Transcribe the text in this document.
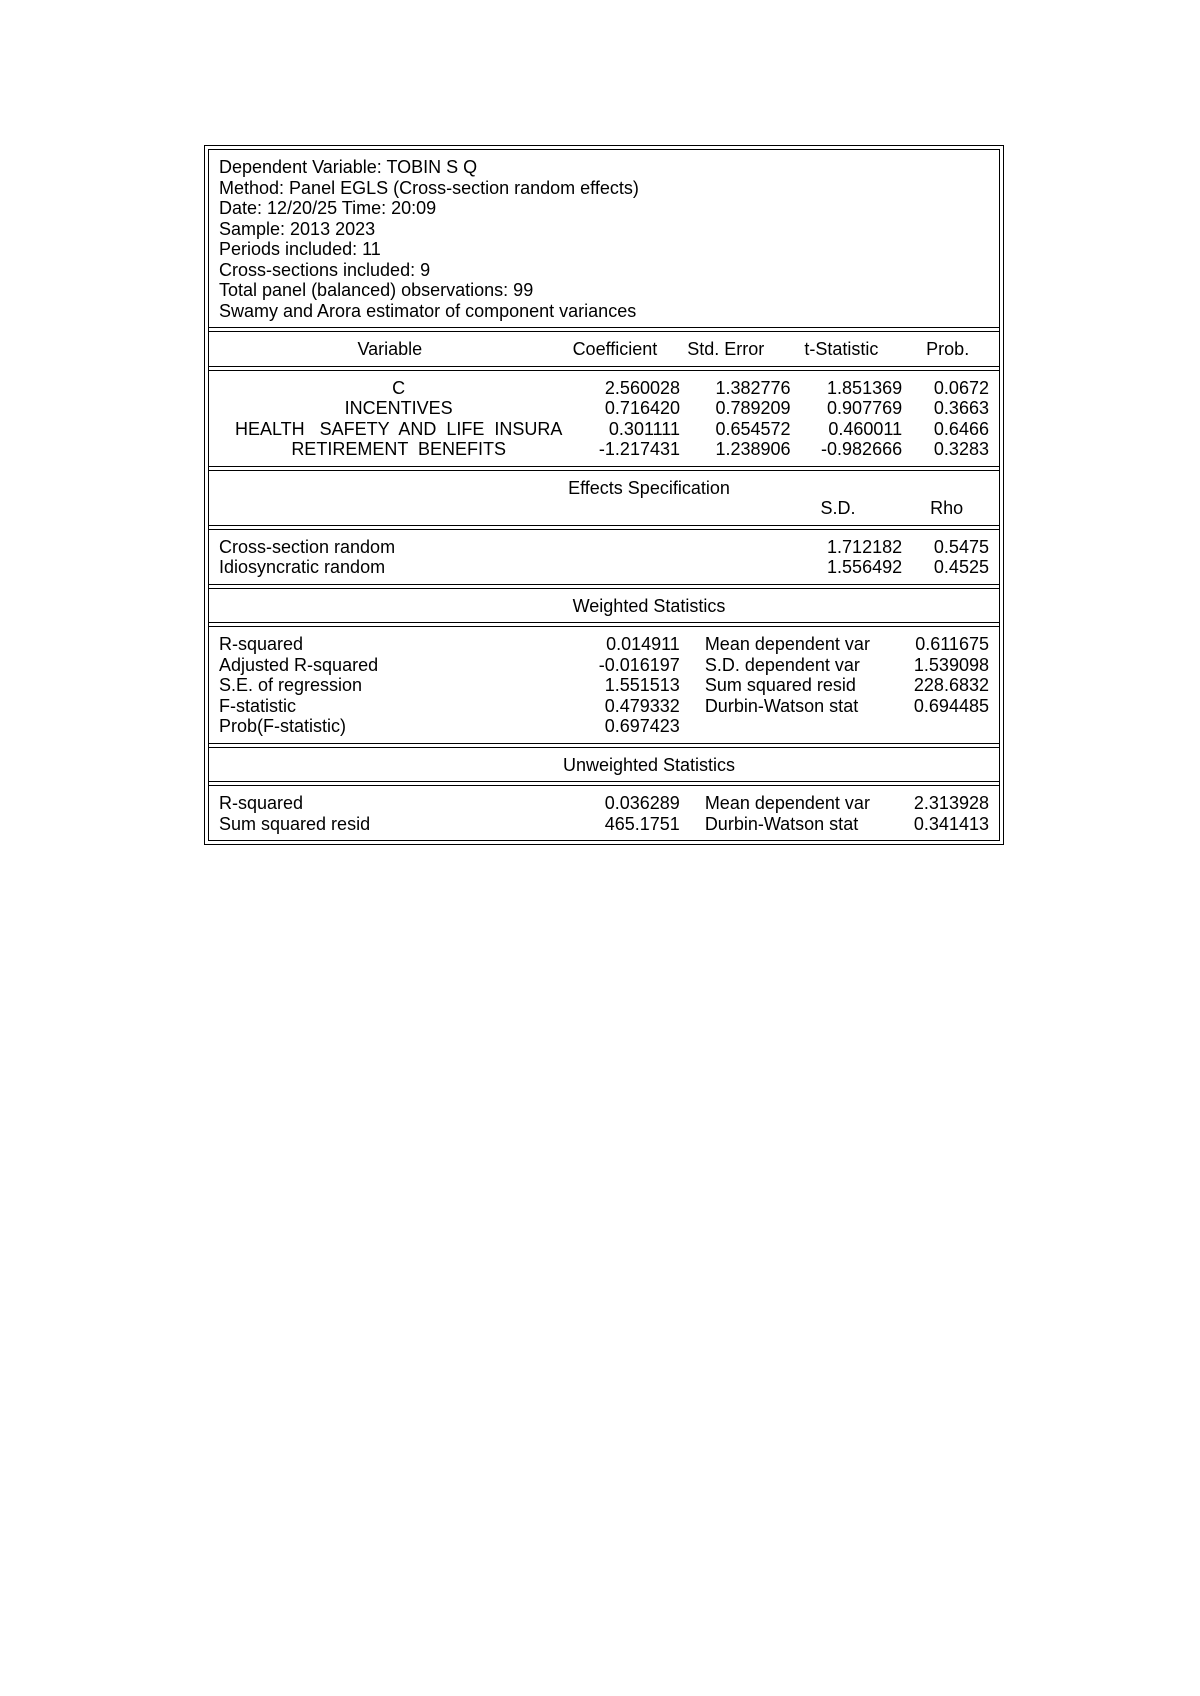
Dependent Variable: TOBIN S Q
Method: Panel EGLS (Cross-section random effects)
Date: 12/20/25 Time: 20:09
Sample: 2013 2023
Periods included: 11
Cross-sections included: 9
Total panel (balanced) observations: 99
Swamy and Arora estimator of component variances
Variable	Coefficient	Std. Error	t-Statistic	Prob.
C	2.560028	1.382776	1.851369	0.0672
INCENTIVES	0.716420	0.789209	0.907769	0.3663
HEALTH   SAFETY  AND  LIFE  INSURA	0.301111	0.654572	0.460011	0.6466
RETIREMENT  BENEFITS	-1.217431	1.238906	-0.982666	0.3283
Effects Specification
S.D.	Rho
Cross-section random	1.712182	0.5475
Idiosyncratic random	1.556492	0.4525
Weighted Statistics
R-squared	0.014911	Mean dependent var	0.611675
Adjusted R-squared	-0.016197	S.D. dependent var	1.539098
S.E. of regression	1.551513	Sum squared resid	228.6832
F-statistic	0.479332	Durbin-Watson stat	0.694485
Prob(F-statistic)	0.697423
Unweighted Statistics
R-squared	0.036289	Mean dependent var	2.313928
Sum squared resid	465.1751	Durbin-Watson stat	0.341413
